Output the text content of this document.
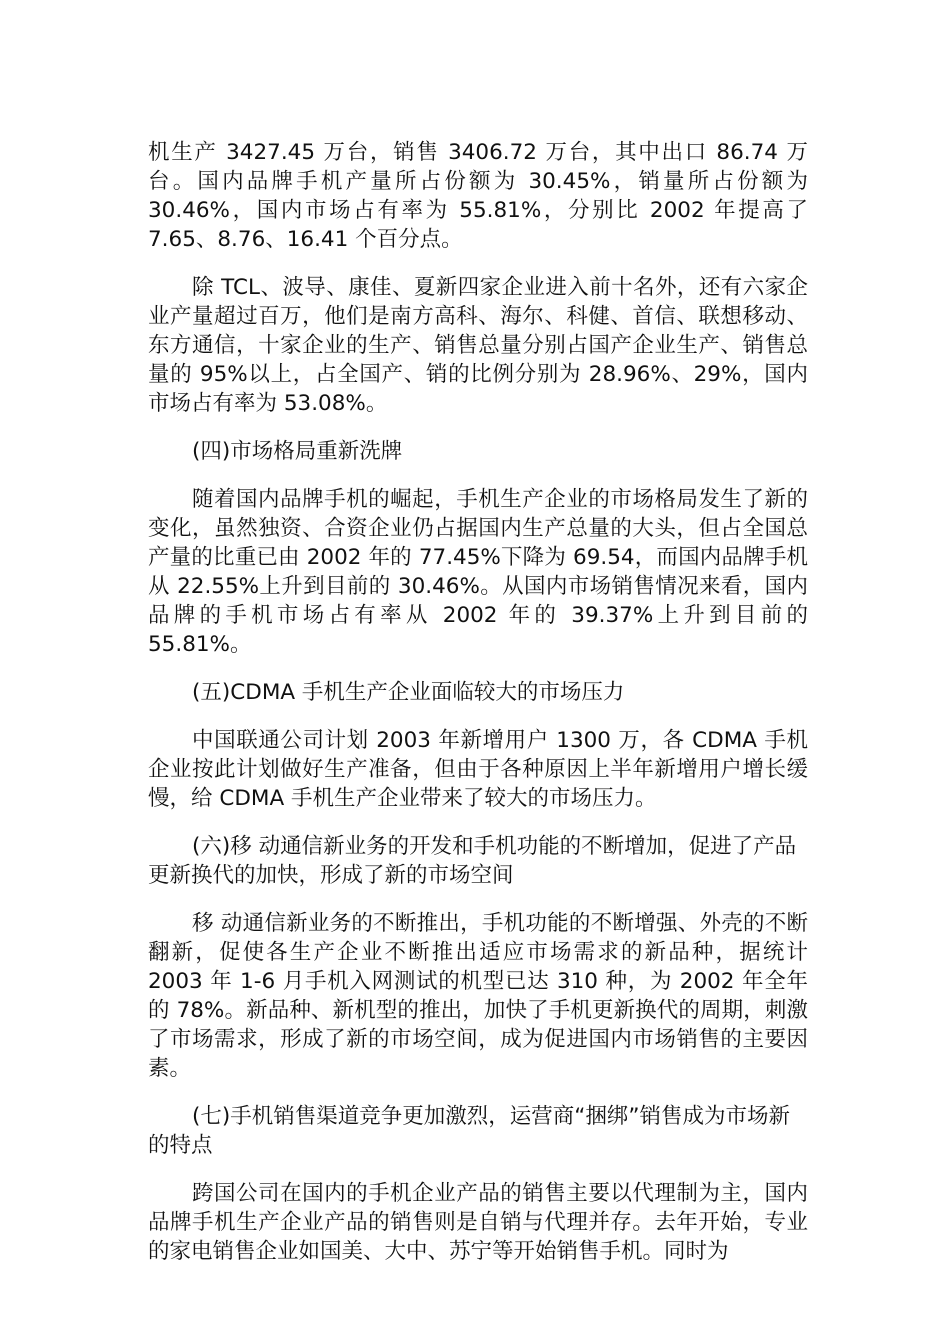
机生产 3427.45 万台，销售 3406.72 万台，其中出口 86.74 万台。国内品牌手机产量所占份额为 30.45%，销量所占份额为 30.46%，国内市场占有率为 55.81%，分别比 2002 年提高了 7.65、8.76、16.41 个百分点。

除 TCL、波导、康佳、夏新四家企业进入前十名外，还有六家企业产量超过百万，他们是南方高科、海尔、科健、首信、联想移动、东方通信，十家企业的生产、销售总量分别占国产企业生产、销售总量的 95%以上，占全国产、销的比例分别为 28.96%、29%，国内市场占有率为 53.08%。

(四)市场格局重新洗牌

随着国内品牌手机的崛起，手机生产企业的市场格局发生了新的变化，虽然独资、合资企业仍占据国内生产总量的大头，但占全国总产量的比重已由 2002 年的 77.45%下降为 69.54，而国内品牌手机从 22.55%上升到目前的 30.46%。从国内市场销售情况来看，国内品牌的手机市场占有率从 2002 年的 39.37%上升到目前的 55.81%。

(五)CDMA 手机生产企业面临较大的市场压力

中国联通公司计划 2003 年新增用户 1300 万，各 CDMA 手机企业按此计划做好生产准备，但由于各种原因上半年新增用户增长缓慢，给 CDMA 手机生产企业带来了较大的市场压力。

(六)移 动通信新业务的开发和手机功能的不断增加，促进了产品更新换代的加快，形成了新的市场空间

移 动通信新业务的不断推出，手机功能的不断增强、外壳的不断翻新，促使各生产企业不断推出适应市场需求的新品种，据统计 2003 年 1-6 月手机入网测试的机型已达 310 种，为 2002 年全年的 78%。新品种、新机型的推出，加快了手机更新换代的周期，刺激了市场需求，形成了新的市场空间，成为促进国内市场销售的主要因素。

(七)手机销售渠道竞争更加激烈，运营商“捆绑”销售成为市场新的特点

跨国公司在国内的手机企业产品的销售主要以代理制为主，国内品牌手机生产企业产品的销售则是自销与代理并存。去年开始，专业的家电销售企业如国美、大中、苏宁等开始销售手机。同时为
